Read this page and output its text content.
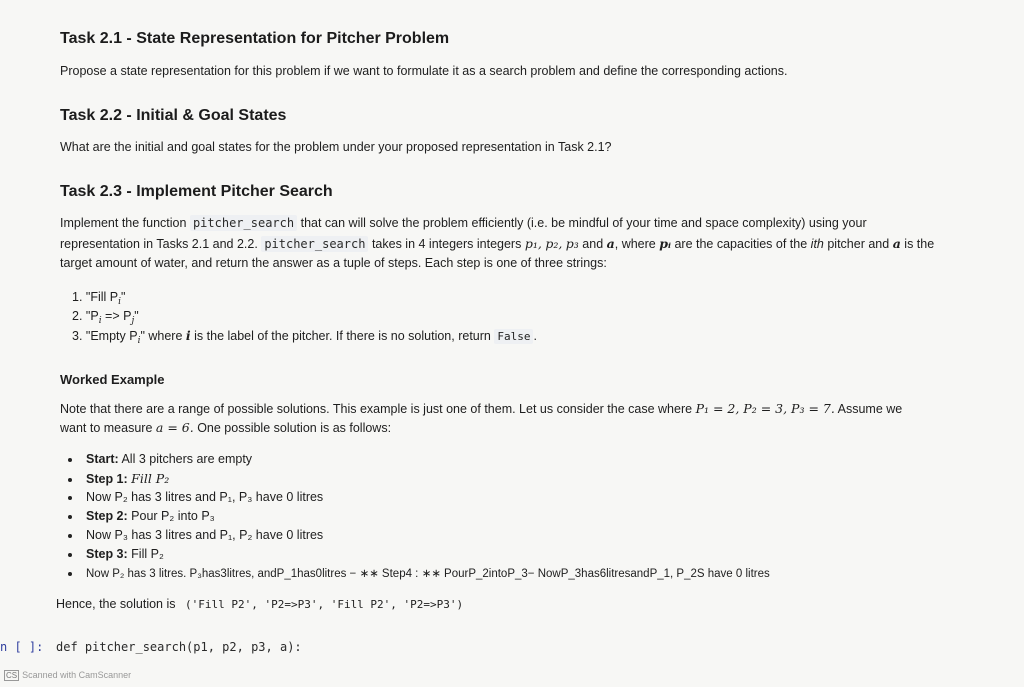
Task 2.1 - State Representation for Pitcher Problem
Propose a state representation for this problem if we want to formulate it as a search problem and define the corresponding actions.
Task 2.2 - Initial & Goal States
What are the initial and goal states for the problem under your proposed representation in Task 2.1?
Task 2.3 - Implement Pitcher Search
Implement the function pitcher_search that can will solve the problem efficiently (i.e. be mindful of your time and space complexity) using your
representation in Tasks 2.1 and 2.2. pitcher_search takes in 4 integers integers p₁, p₂, p₃ and a, where pᵢ are the capacities of the ith pitcher and a is the
target amount of water, and return the answer as a tuple of steps. Each step is one of three strings:
1. "Fill $P_i$"
2. "$P_i => P_j$"
3. "Empty $P_i$" where i is the label of the pitcher. If there is no solution, return False .
Worked Example
Note that there are a range of possible solutions. This example is just one of them. Let us consider the case where P₁ = 2, P₂ = 3, P₃ = 7. Assume we
want to measure a = 6. One possible solution is as follows:
Start: All 3 pitchers are empty
Step 1: Fill P₂
Now P₂ has 3 litres and P₁, P₃ have 0 litres
Step 2: Pour P₂ into P₃
Now P₃ has 3 litres and P₁, P₂ have 0 litres
Step 3: Fill P₂
Now P₂ has 3 litres. P₃has3litres, andP_1has0litres − ∗∗ Step4 : ∗∗ PourP_2intoP_3− NowP_3has6litresandP_1, P_2S have 0 litres
Hence, the solution is ('Fill P2', 'P2=>P3', 'Fill P2', 'P2=>P3')
n [ ]: def pitcher_search(p1, p2, p3, a):
CS Scanned with CamScanner
